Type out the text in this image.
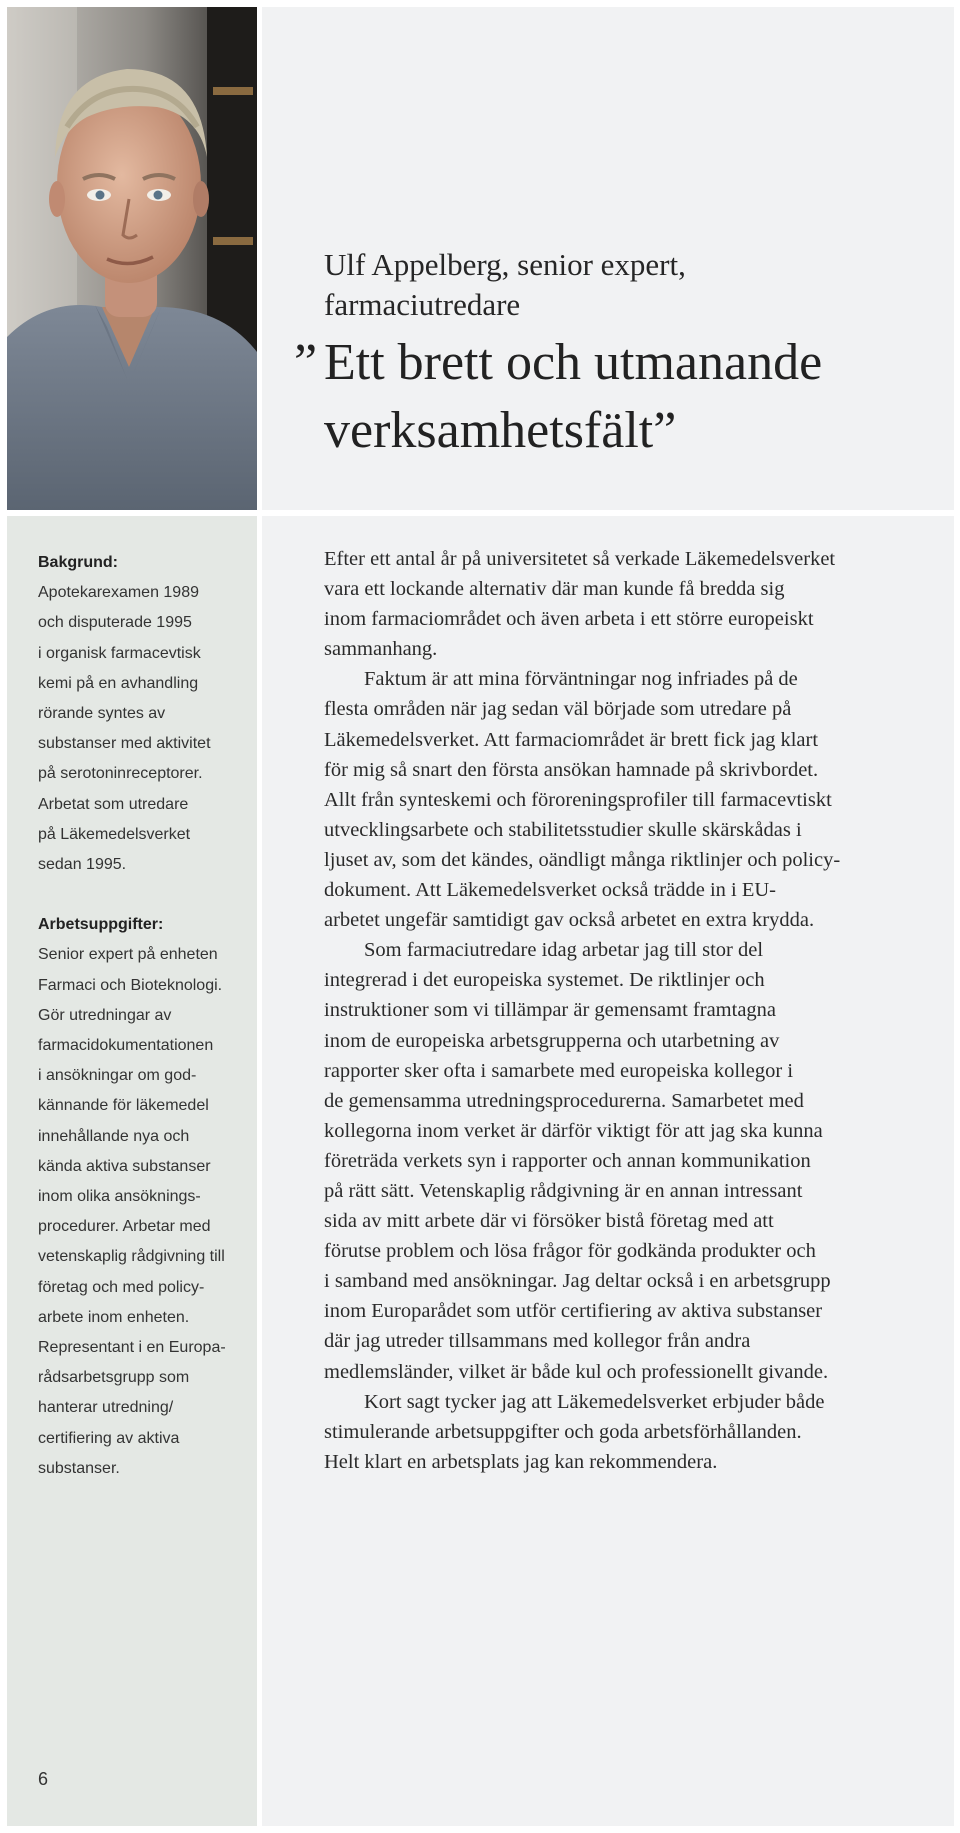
Ulf Appelberg, senior expert,
farmaciutredare
” Ett brett och utmanande
verksamhetsfält”
Bakgrund:
Apotekarexamen 1989
och disputerade 1995
i organisk farmacevtisk
kemi på en avhandling
rörande syntes av
substanser med aktivitet
på serotoninreceptorer.
Arbetat som utredare
på Läkemedelsverket
sedan 1995.
Arbetsuppgifter:
Senior expert på enheten
Farmaci och Bioteknologi.
Gör utredningar av
farmacidokumentationen
i ansökningar om god-
kännande för läkemedel
innehållande nya och
kända aktiva substanser
inom olika ansöknings-
procedurer. Arbetar med
vetenskaplig rådgivning till
företag och med policy-
arbete inom enheten.
Representant i en Europa-
rådsarbetsgrupp som
hanterar utredning/
certifiering av aktiva
substanser.
6
Efter ett antal år på universitetet så verkade Läkemedelsverket
vara ett lockande alternativ där man kunde få bredda sig
inom farmaciområdet och även arbeta i ett större europeiskt
sammanhang.
Faktum är att mina förväntningar nog infriades på de
flesta områden när jag sedan väl började som utredare på
Läkemedelsverket. Att farmaciområdet är brett fick jag klart
för mig så snart den första ansökan hamnade på skrivbordet.
Allt från synteskemi och föroreningsprofiler till farmacevtiskt
utvecklingsarbete och stabilitetsstudier skulle skärskådas i
ljuset av, som det kändes, oändligt många riktlinjer och policy-
dokument. Att Läkemedelsverket också trädde in i EU-
arbetet ungefär samtidigt gav också arbetet en extra krydda.
Som farmaciutredare idag arbetar jag till stor del
integrerad i det europeiska systemet. De riktlinjer och
instruktioner som vi tillämpar är gemensamt framtagna
inom de europeiska arbetsgrupperna och utarbetning av
rapporter sker ofta i samarbete med europeiska kollegor i
de gemensamma utredningsprocedurerna. Samarbetet med
kollegorna inom verket är därför viktigt för att jag ska kunna
företräda verkets syn i rapporter och annan kommunikation
på rätt sätt. Vetenskaplig rådgivning är en annan intressant
sida av mitt arbete där vi försöker bistå företag med att
förutse problem och lösa frågor för godkända produkter och
i samband med ansökningar. Jag deltar också i en arbetsgrupp
inom Europarådet som utför certifiering av aktiva substanser
där jag utreder tillsammans med kollegor från andra
medlemsländer, vilket är både kul och professionellt givande.
Kort sagt tycker jag att Läkemedelsverket erbjuder både
stimulerande arbetsuppgifter och goda arbetsförhållanden.
Helt klart en arbetsplats jag kan rekommendera.
